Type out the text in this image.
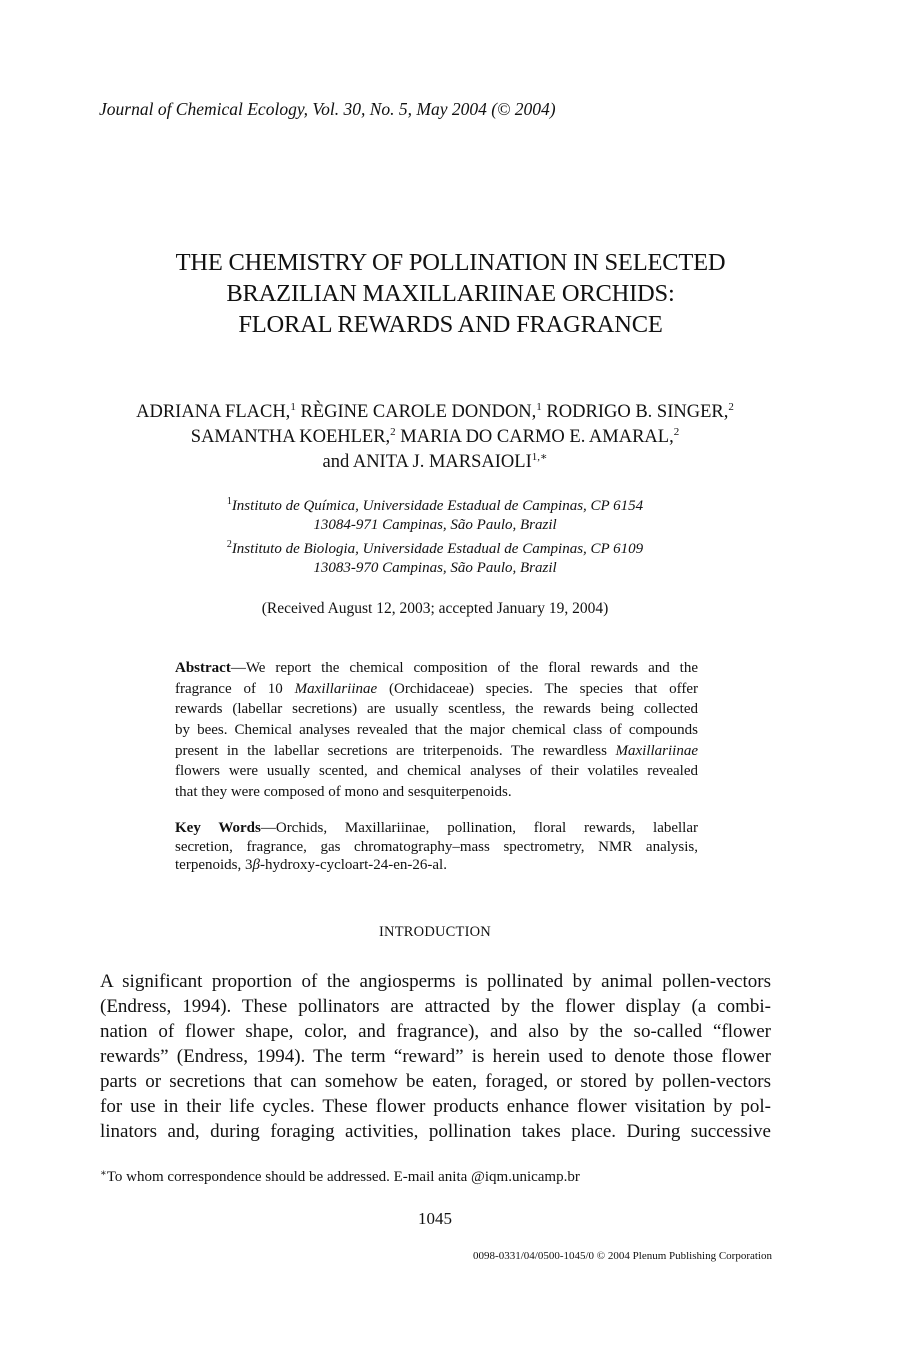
Journal of Chemical Ecology, Vol. 30, No. 5, May 2004 (© 2004)
THE CHEMISTRY OF POLLINATION IN SELECTED
BRAZILIAN MAXILLARIINAE ORCHIDS:
FLORAL REWARDS AND FRAGRANCE
ADRIANA FLACH,$^1$ RÈGINE CAROLE DONDON,$^1$ RODRIGO B. SINGER,$^2$
SAMANTHA KOEHLER,$^2$ MARIA DO CARMO E. AMARAL,$^2$
and ANITA J. $MARSAIOLI^{1,∗}$
$^1$Instituto de Química, Universidade Estadual de Campinas, CP 6154
13084-971 Campinas, São Paulo, Brazil
$^2$Instituto de Biologia, Universidade Estadual de Campinas, CP 6109
13083-970 Campinas, São Paulo, Brazil
(Received August 12, 2003; accepted January 19, 2004)
Abstract—We report the chemical composition of the floral rewards and the
fragrance of 10 Maxillariinae (Orchidaceae) species. The species that offer
rewards (labellar secretions) are usually scentless, the rewards being collected
by bees. Chemical analyses revealed that the major chemical class of compounds
present in the labellar secretions are triterpenoids. The rewardless Maxillariinae
flowers were usually scented, and chemical analyses of their volatiles revealed
that they were composed of mono and sesquiterpenoids.
Key Words—Orchids, Maxillariinae, pollination, floral rewards, labellar
secretion, fragrance, gas chromatography–mass spectrometry, NMR analysis,
terpenoids, 3β-hydroxy-cycloart-24-en-26-al.
INTRODUCTION
A significant proportion of the angiosperms is pollinated by animal pollen-vectors
(Endress, 1994). These pollinators are attracted by the flower display (a combi-
nation of flower shape, color, and fragrance), and also by the so-called “flower
rewards” (Endress, 1994). The term “reward” is herein used to denote those flower
parts or secretions that can somehow be eaten, foraged, or stored by pollen-vectors
for use in their life cycles. These flower products enhance flower visitation by pol-
linators and, during foraging activities, pollination takes place. During successive
∗To whom correspondence should be addressed. E-mail anita @iqm.unicamp.br
1045
0098-0331/04/0500-1045/0 © 2004 Plenum Publishing Corporation
